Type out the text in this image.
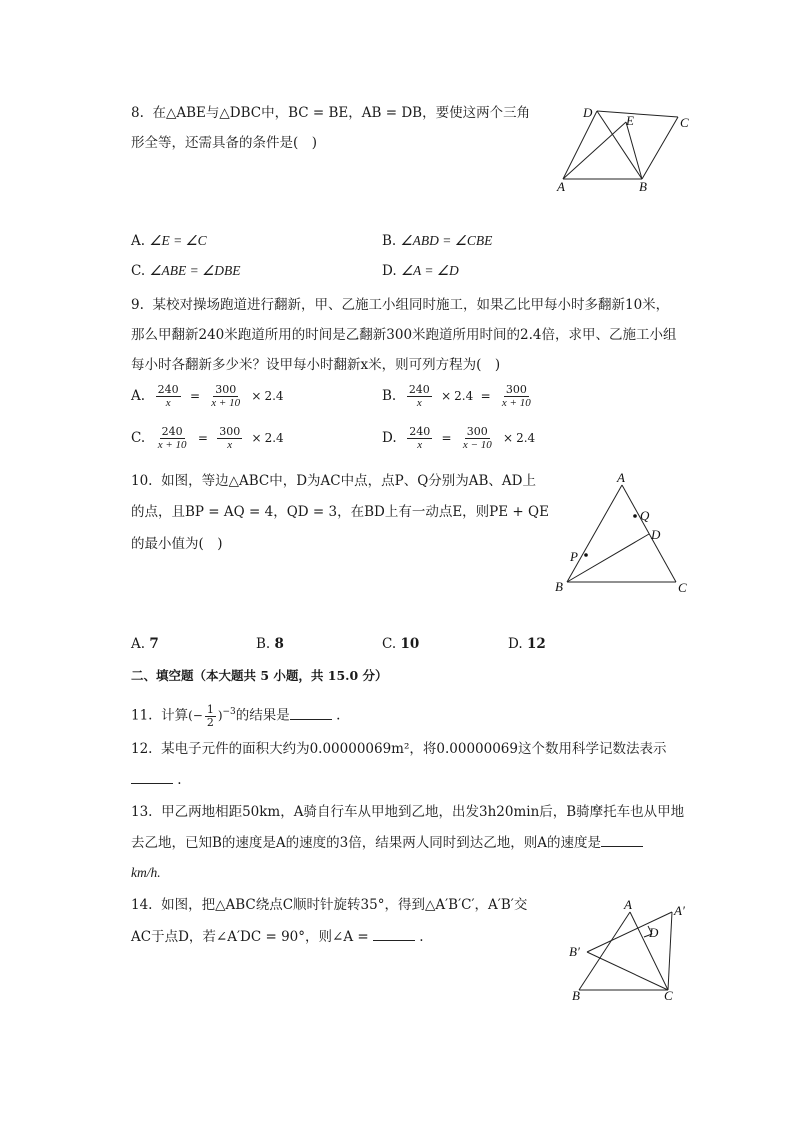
8. 在△ABE与△DBC中，BC = BE，AB = DB，要使这两个三角
形全等，还需具备的条件是(　)
D
E	C
A	B
A. ∠E = ∠C	B. ∠ABD = ∠CBE
C. ∠ABE = ∠DBE	D. ∠A = ∠D
9. 某校对操场跑道进行翻新，甲、乙施工小组同时施工，如果乙比甲每小时多翻新10米，
那么甲翻新240米跑道所用的时间是乙翻新300米跑道所用时间的2.4倍，求甲、乙施工小组
每小时各翻新多少米？设甲每小时翻新x米，则可列方程为(　)
A. $\frac{240}{x} = \frac{300}{x + 10} \times 2.4$	B. $\frac{240}{x} \times 2.4 = \frac{300}{x + 10}$
C. $\frac{240}{x + 10} = \frac{300}{x} \times 2.4$	D. $\frac{240}{x} = \frac{300}{x - 10} \times 2.4$
10. 如图，等边△ABC中，D为AC中点，点P、Q分别为AB、AD上
的点，且BP = AQ = 4，QD = 3，在BD上有一动点E，则PE + QE
的最小值为(　)
A
Q
D
P
B	C
A. 7	B. 8	C. 10	D. 12
二、填空题（本大题共 5 小题，共 15.0 分）
11. 计算(− $\frac{1}{2} )^{-3}$的结果是	.
12. 某电子元件的面积大约为0.00000069m²，将0.00000069这个数用科学记数法表示
.
13. 甲乙两地相距50km，A骑自行车从甲地到乙地，出发3h20min后，B骑摩托车也从甲地
去乙地，已知B的速度是A的速度的3倍，结果两人同时到达乙地，则A的速度是
km/h.
14. 如图，把△ABC绕点C顺时针旋转35°，得到△A′B′C′，A′B′交
AC于点D，若∠A′DC = 90°，则∠A =	.
A	A′
D
B′
B	C
